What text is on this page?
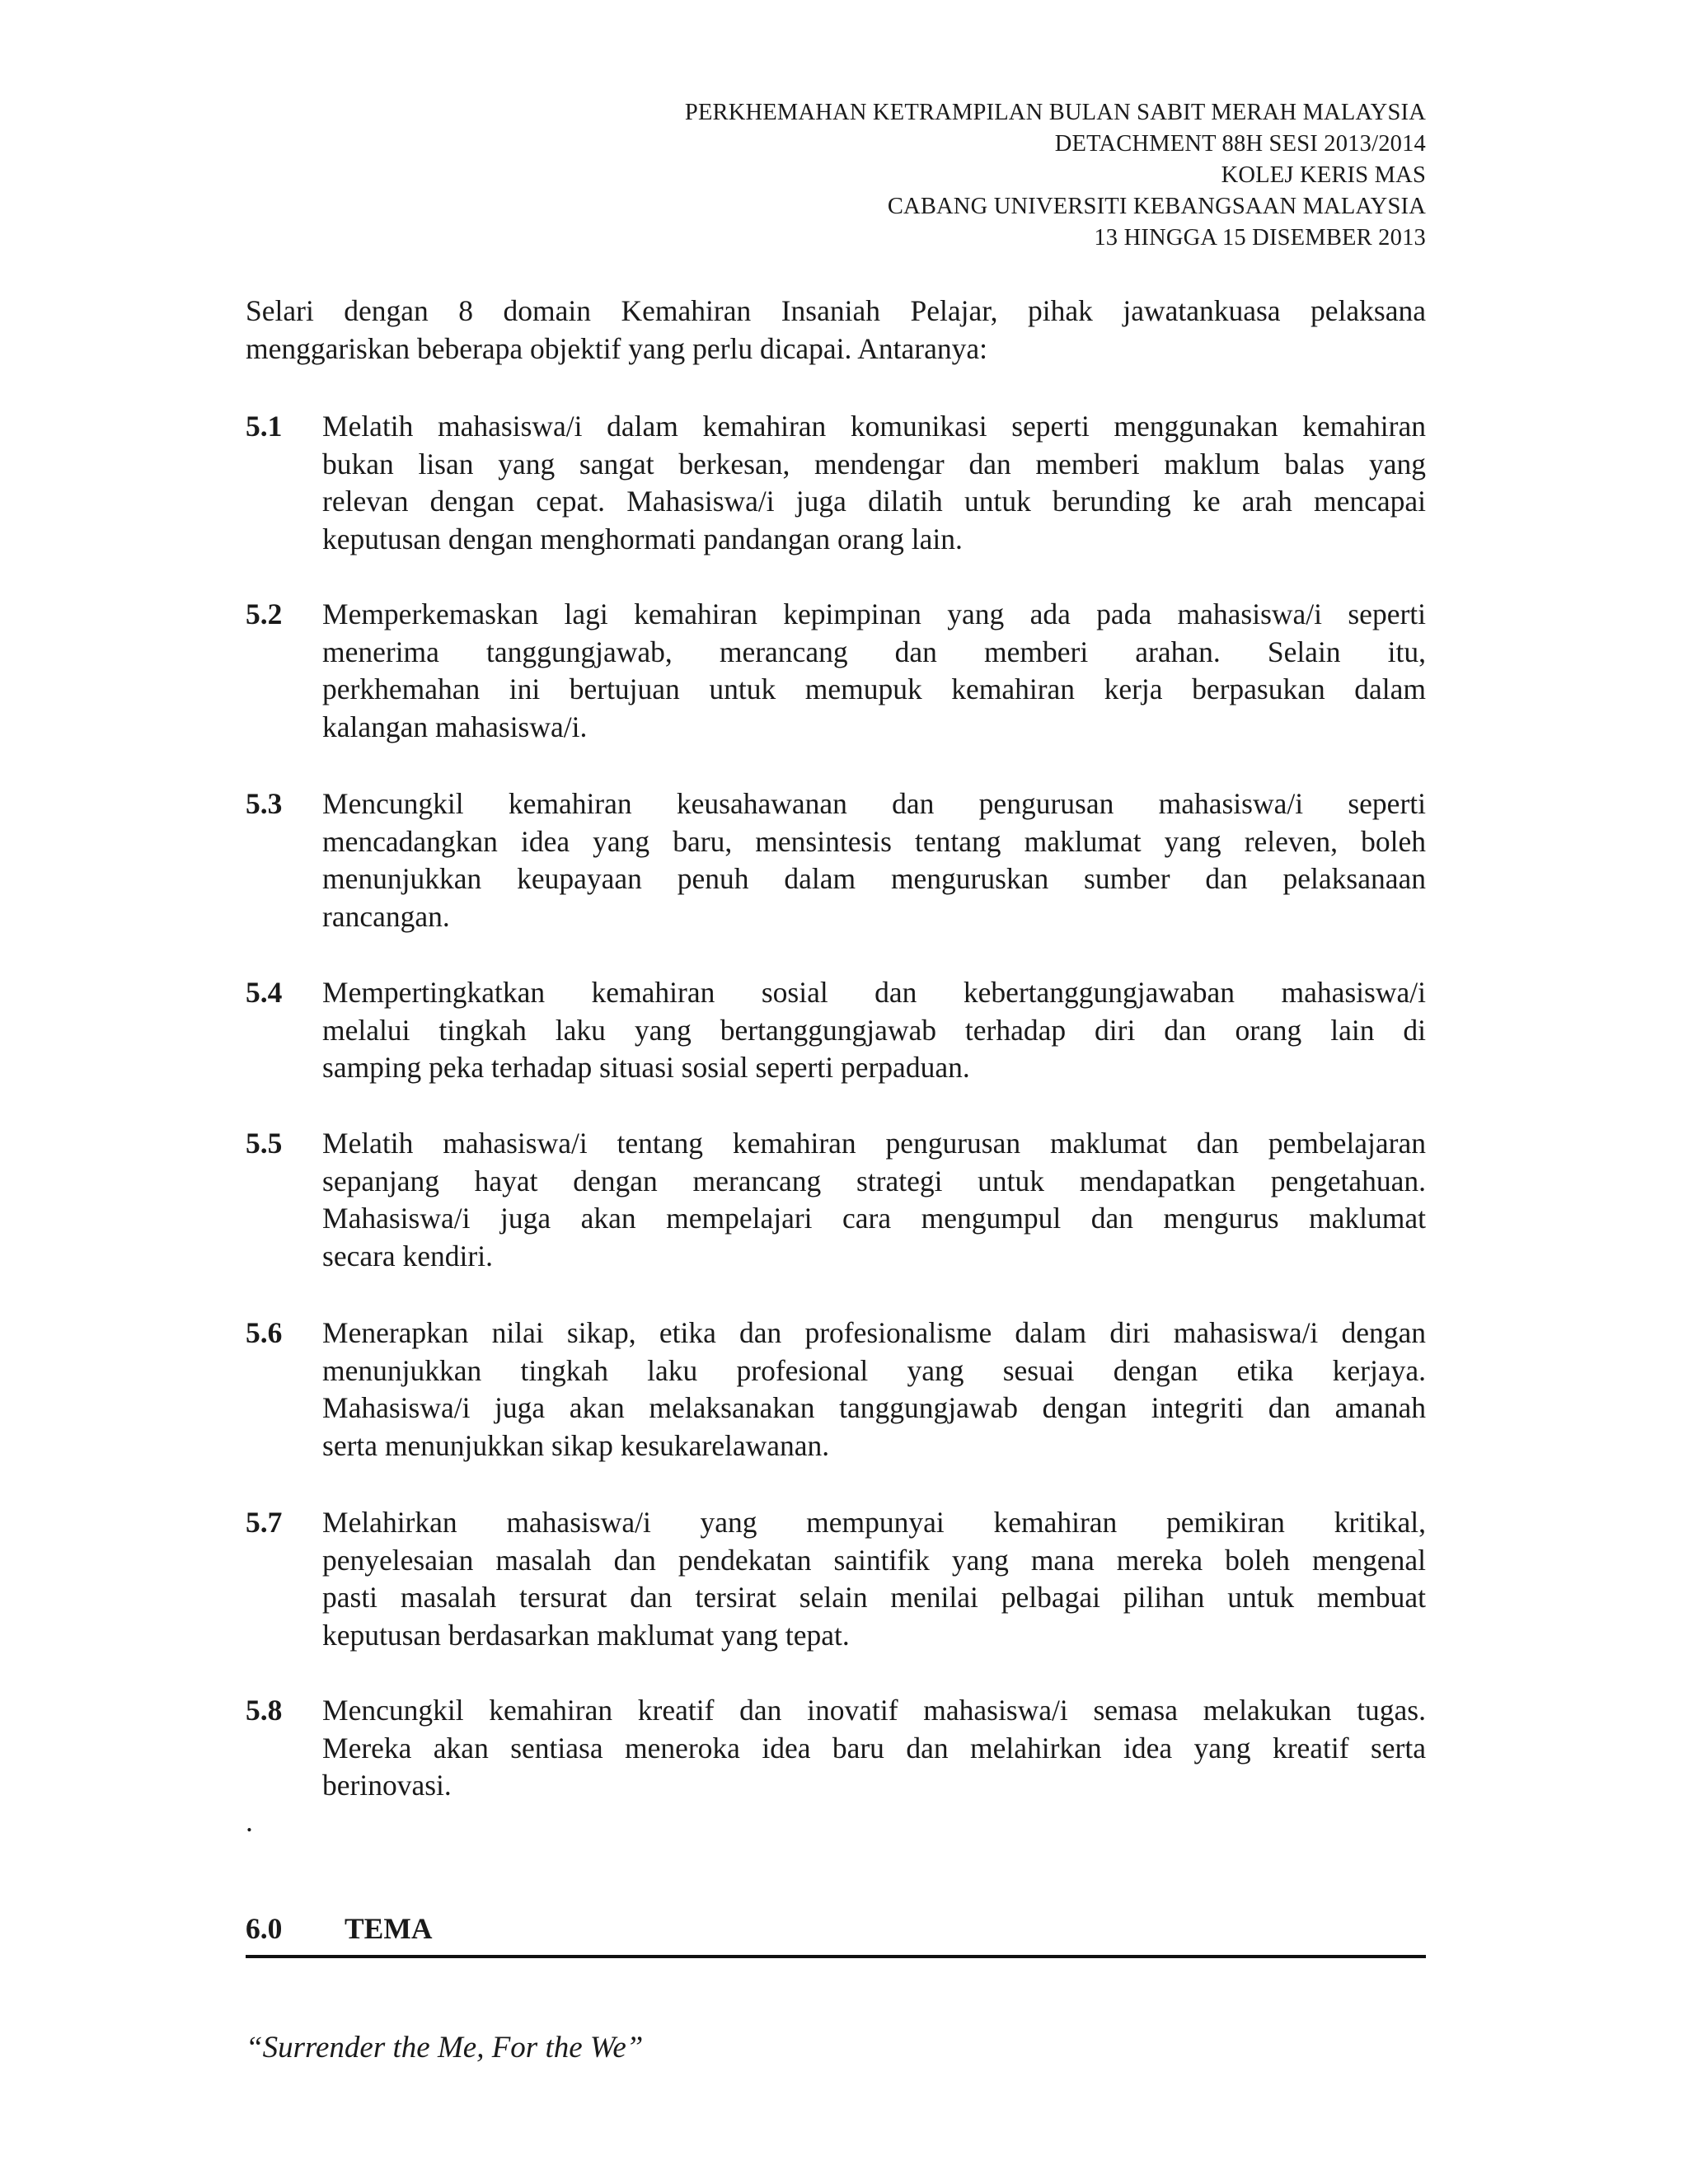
PERKHEMAHAN KETRAMPILAN BULAN SABIT MERAH MALAYSIA
DETACHMENT 88H SESI 2013/2014
KOLEJ KERIS MAS
CABANG UNIVERSITI KEBANGSAAN MALAYSIA
13 HINGGA 15 DISEMBER 2013
Selari dengan 8 domain Kemahiran Insaniah Pelajar, pihak jawatankuasa pelaksana
menggariskan beberapa objektif yang perlu dicapai. Antaranya:
5.1	Melatih mahasiswa/i dalam kemahiran komunikasi seperti menggunakan kemahiran
bukan lisan yang sangat berkesan, mendengar dan memberi maklum balas yang
relevan dengan cepat. Mahasiswa/i juga dilatih untuk berunding ke arah mencapai
keputusan dengan menghormati pandangan orang lain.
5.2	Memperkemaskan lagi kemahiran kepimpinan yang ada pada mahasiswa/i seperti
menerima tanggungjawab, merancang dan memberi arahan. Selain itu,
perkhemahan ini bertujuan untuk memupuk kemahiran kerja berpasukan dalam
kalangan mahasiswa/i.
5.3	Mencungkil kemahiran keusahawanan dan pengurusan mahasiswa/i seperti
mencadangkan idea yang baru, mensintesis tentang maklumat yang releven, boleh
menunjukkan keupayaan penuh dalam menguruskan sumber dan pelaksanaan
rancangan.
5.4	Mempertingkatkan kemahiran sosial dan kebertanggungjawaban mahasiswa/i
melalui tingkah laku yang bertanggungjawab terhadap diri dan orang lain di
samping peka terhadap situasi sosial seperti perpaduan.
5.5	Melatih mahasiswa/i tentang kemahiran pengurusan maklumat dan pembelajaran
sepanjang hayat dengan merancang strategi untuk mendapatkan pengetahuan.
Mahasiswa/i juga akan mempelajari cara mengumpul dan mengurus maklumat
secara kendiri.
5.6	Menerapkan nilai sikap, etika dan profesionalisme dalam diri mahasiswa/i dengan
menunjukkan tingkah laku profesional yang sesuai dengan etika kerjaya.
Mahasiswa/i juga akan melaksanakan tanggungjawab dengan integriti dan amanah
serta menunjukkan sikap kesukarelawanan.
5.7	Melahirkan mahasiswa/i yang mempunyai kemahiran pemikiran kritikal,
penyelesaian masalah dan pendekatan saintifik yang mana mereka boleh mengenal
pasti masalah tersurat dan tersirat selain menilai pelbagai pilihan untuk membuat
keputusan berdasarkan maklumat yang tepat.
5.8	Mencungkil kemahiran kreatif dan inovatif mahasiswa/i semasa melakukan tugas.
Mereka akan sentiasa meneroka idea baru dan melahirkan idea yang kreatif serta
berinovasi.
.
6.0 TEMA
“Surrender the Me, For the We”
